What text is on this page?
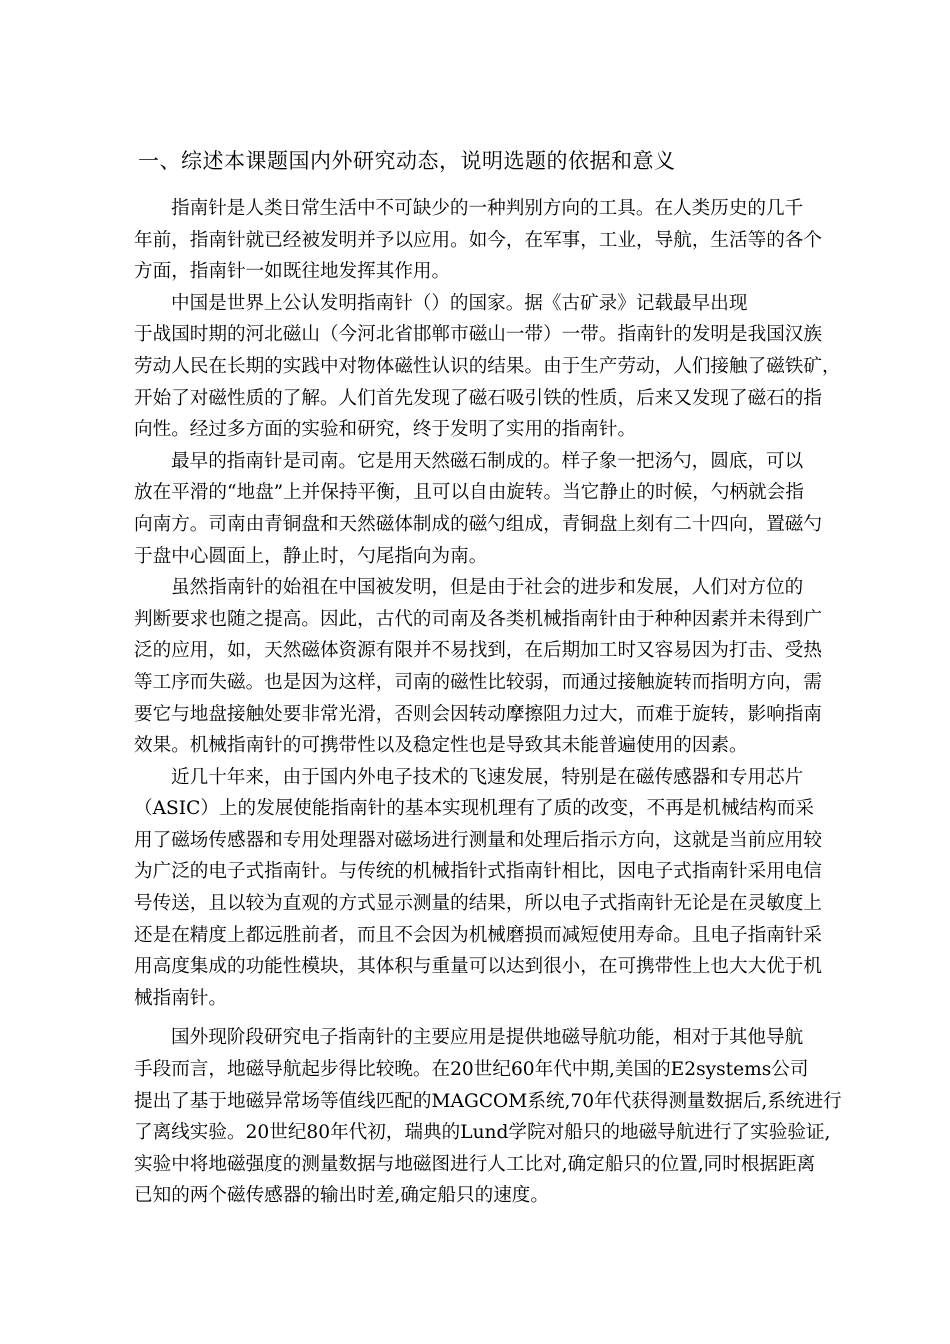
一、综述本课题国内外研究动态，说明选题的依据和意义
指南针是人类日常生活中不可缺少的一种判别方向的工具。在人类历史的几千
年前，指南针就已经被发明并予以应用。如今，在军事，工业，导航，生活等的各个
方面，指南针一如既往地发挥其作用。
中国是世界上公认发明指南针（）的国家。据《古矿录》记载最早出现
于战国时期的河北磁山（今河北省邯郸市磁山一带）一带。指南针的发明是我国汉族
劳动人民在长期的实践中对物体磁性认识的结果。由于生产劳动，人们接触了磁铁矿，
开始了对磁性质的了解。人们首先发现了磁石吸引铁的性质，后来又发现了磁石的指
向性。经过多方面的实验和研究，终于发明了实用的指南针。
最早的指南针是司南。它是用天然磁石制成的。样子象一把汤勺，圆底，可以
放在平滑的“地盘”上并保持平衡，且可以自由旋转。当它静止的时候，勺柄就会指
向南方。司南由青铜盘和天然磁体制成的磁勺组成，青铜盘上刻有二十四向，置磁勺
于盘中心圆面上，静止时，勺尾指向为南。
虽然指南针的始祖在中国被发明，但是由于社会的进步和发展，人们对方位的
判断要求也随之提高。因此，古代的司南及各类机械指南针由于种种因素并未得到广
泛的应用，如，天然磁体资源有限并不易找到，在后期加工时又容易因为打击、受热
等工序而失磁。也是因为这样，司南的磁性比较弱，而通过接触旋转而指明方向，需
要它与地盘接触处要非常光滑，否则会因转动摩擦阻力过大，而难于旋转，影响指南
效果。机械指南针的可携带性以及稳定性也是导致其未能普遍使用的因素。
近几十年来，由于国内外电子技术的飞速发展，特别是在磁传感器和专用芯片
（ASIC）上的发展使能指南针的基本实现机理有了质的改变，不再是机械结构而采
用了磁场传感器和专用处理器对磁场进行测量和处理后指示方向，这就是当前应用较
为广泛的电子式指南针。与传统的机械指针式指南针相比，因电子式指南针采用电信
号传送，且以较为直观的方式显示测量的结果，所以电子式指南针无论是在灵敏度上
还是在精度上都远胜前者，而且不会因为机械磨损而减短使用寿命。且电子指南针采
用高度集成的功能性模块，其体积与重量可以达到很小，在可携带性上也大大优于机
械指南针。
国外现阶段研究电子指南针的主要应用是提供地磁导航功能，相对于其他导航
手段而言，地磁导航起步得比较晚。在20世纪60年代中期,美国的E2systems公司
提出了基于地磁异常场等值线匹配的MAGCOM系统,70年代获得测量数据后,系统进行
了离线实验。20世纪80年代初，瑞典的Lund学院对船只的地磁导航进行了实验验证,
实验中将地磁强度的测量数据与地磁图进行人工比对,确定船只的位置,同时根据距离
已知的两个磁传感器的输出时差,确定船只的速度。
